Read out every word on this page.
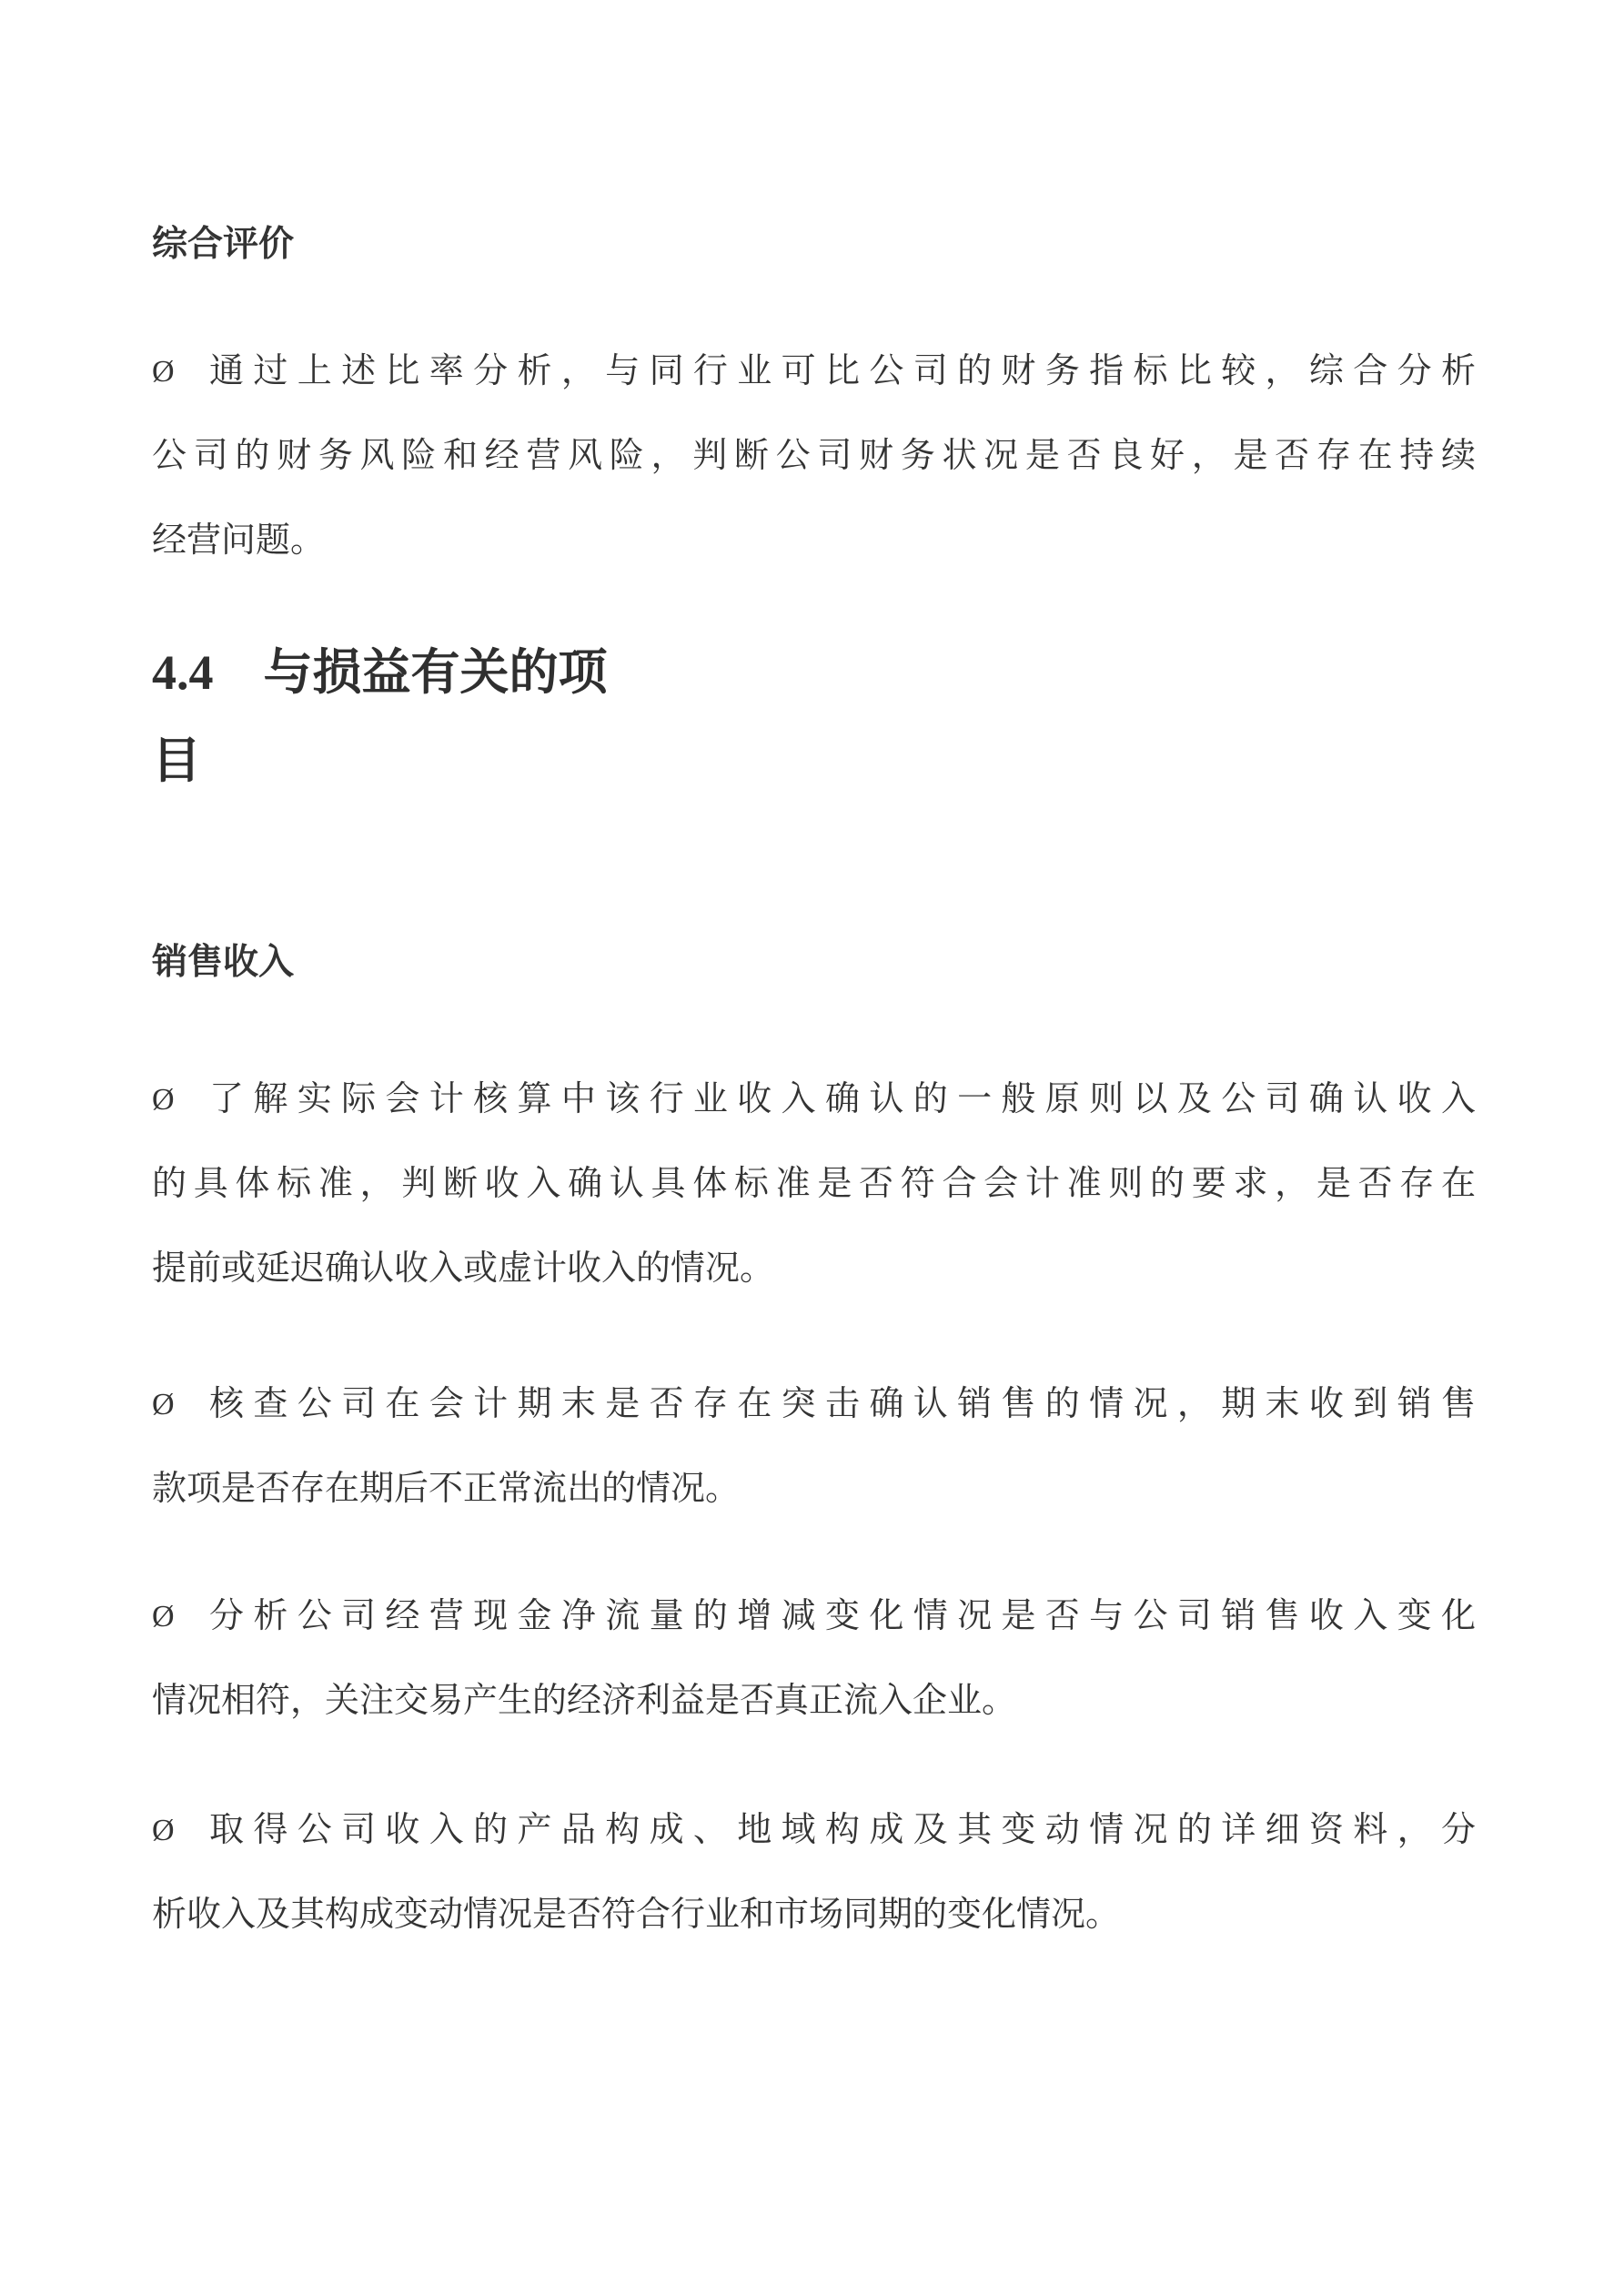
综合评价
Ø	通过上述比率分析，与同行业可比公司的财务指标比较，综合分析
公司的财务风险和经营风险，判断公司财务状况是否良好，是否存在持续
经营问题。
4.4 与损益有关的项
目
销售收入
Ø	了解实际会计核算中该行业收入确认的一般原则以及公司确认收入
的具体标准，判断收入确认具体标准是否符合会计准则的要求，是否存在
提前或延迟确认收入或虚计收入的情况。
Ø	核查公司在会计期末是否存在突击确认销售的情况，期末收到销售
款项是否存在期后不正常流出的情况。
Ø	分析公司经营现金净流量的增减变化情况是否与公司销售收入变化
情况相符，关注交易产生的经济利益是否真正流入企业。
Ø	取得公司收入的产品构成、地域构成及其变动情况的详细资料，分
析收入及其构成变动情况是否符合行业和市场同期的变化情况。
